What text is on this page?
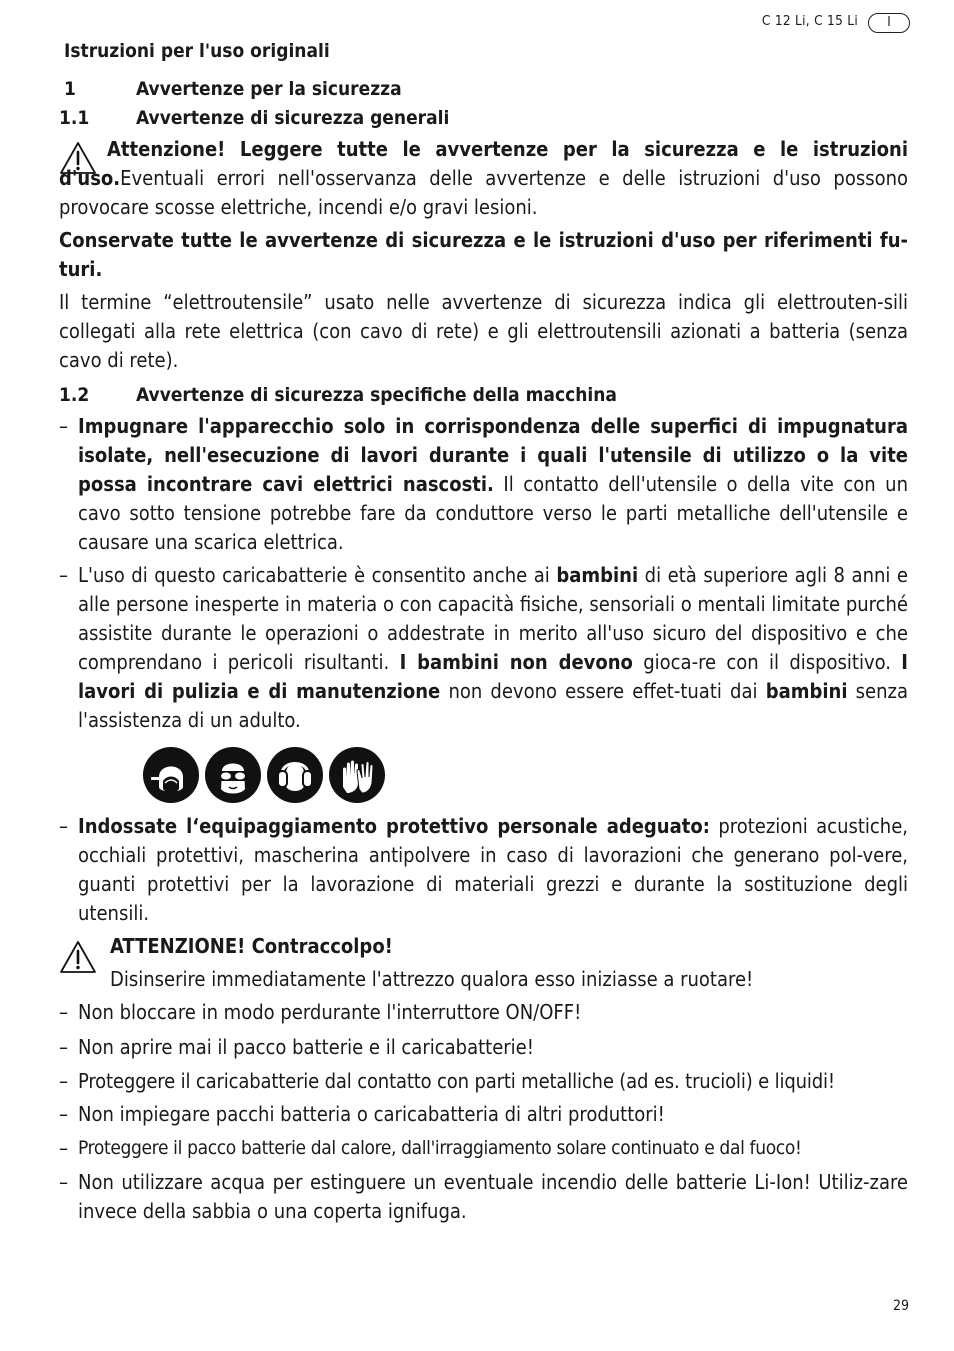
C 12 Li, C 15 Li	I
Istruzioni per l'uso originali
1	Avvertenze per la sicurezza
1.1 Avvertenze di sicurezza generali
Attenzione! Leggere tutte le avvertenze per la sicurezza e le istruzioni d'uso.Eventuali errori nell'osservanza delle avvertenze e delle istruzioni d'uso possono provocare scosse elettriche, incendi e/o gravi lesioni.
Conservate tutte le avvertenze di sicurezza e le istruzioni d'uso per riferimenti fu-turi.
Il termine “elettroutensile” usato nelle avvertenze di sicurezza indica gli elettrouten-sili collegati alla rete elettrica (con cavo di rete) e gli elettroutensili azionati a batteria (senza cavo di rete).
1.2 Avvertenze di sicurezza specifiche della macchina
– Impugnare l'apparecchio solo in corrispondenza delle superfici di impugnatura isolate, nell'esecuzione di lavori durante i quali l'utensile di utilizzo o la vite possa incontrare cavi elettrici nascosti. Il contatto dell'utensile o della vite con un cavo sotto tensione potrebbe fare da conduttore verso le parti metalliche dell'utensile e causare una scarica elettrica.
– L'uso di questo caricabatterie è consentito anche ai bambini di età superiore agli 8 anni e alle persone inesperte in materia o con capacità fisiche, sensoriali o mentali limitate purché assistite durante le operazioni o addestrate in merito all'uso sicuro del dispositivo e che comprendano i pericoli risultanti. I bambini non devono gioca-re con il dispositivo. I lavori di pulizia e di manutenzione non devono essere effet-tuati dai bambini senza l'assistenza di un adulto.
– Indossate l‘equipaggiamento protettivo personale adeguato: protezioni acustiche, occhiali protettivi, mascherina antipolvere in caso di lavorazioni che generano pol-vere, guanti protettivi per la lavorazione di materiali grezzi e durante la sostituzione degli utensili.
ATTENZIONE! Contraccolpo!
Disinserire immediatamente l'attrezzo qualora esso iniziasse a ruotare!
– Non bloccare in modo perdurante l'interruttore ON/OFF!
– Non aprire mai il pacco batterie e il caricabatterie!
– Proteggere il caricabatterie dal contatto con parti metalliche (ad es. trucioli) e liquidi!
– Non impiegare pacchi batteria o caricabatteria di altri produttori!
– Proteggere il pacco batterie dal calore, dall'irraggiamento solare continuato e dal fuoco!
– Non utilizzare acqua per estinguere un eventuale incendio delle batterie Li-Ion! Utiliz-zare invece della sabbia o una coperta ignifuga.
29
